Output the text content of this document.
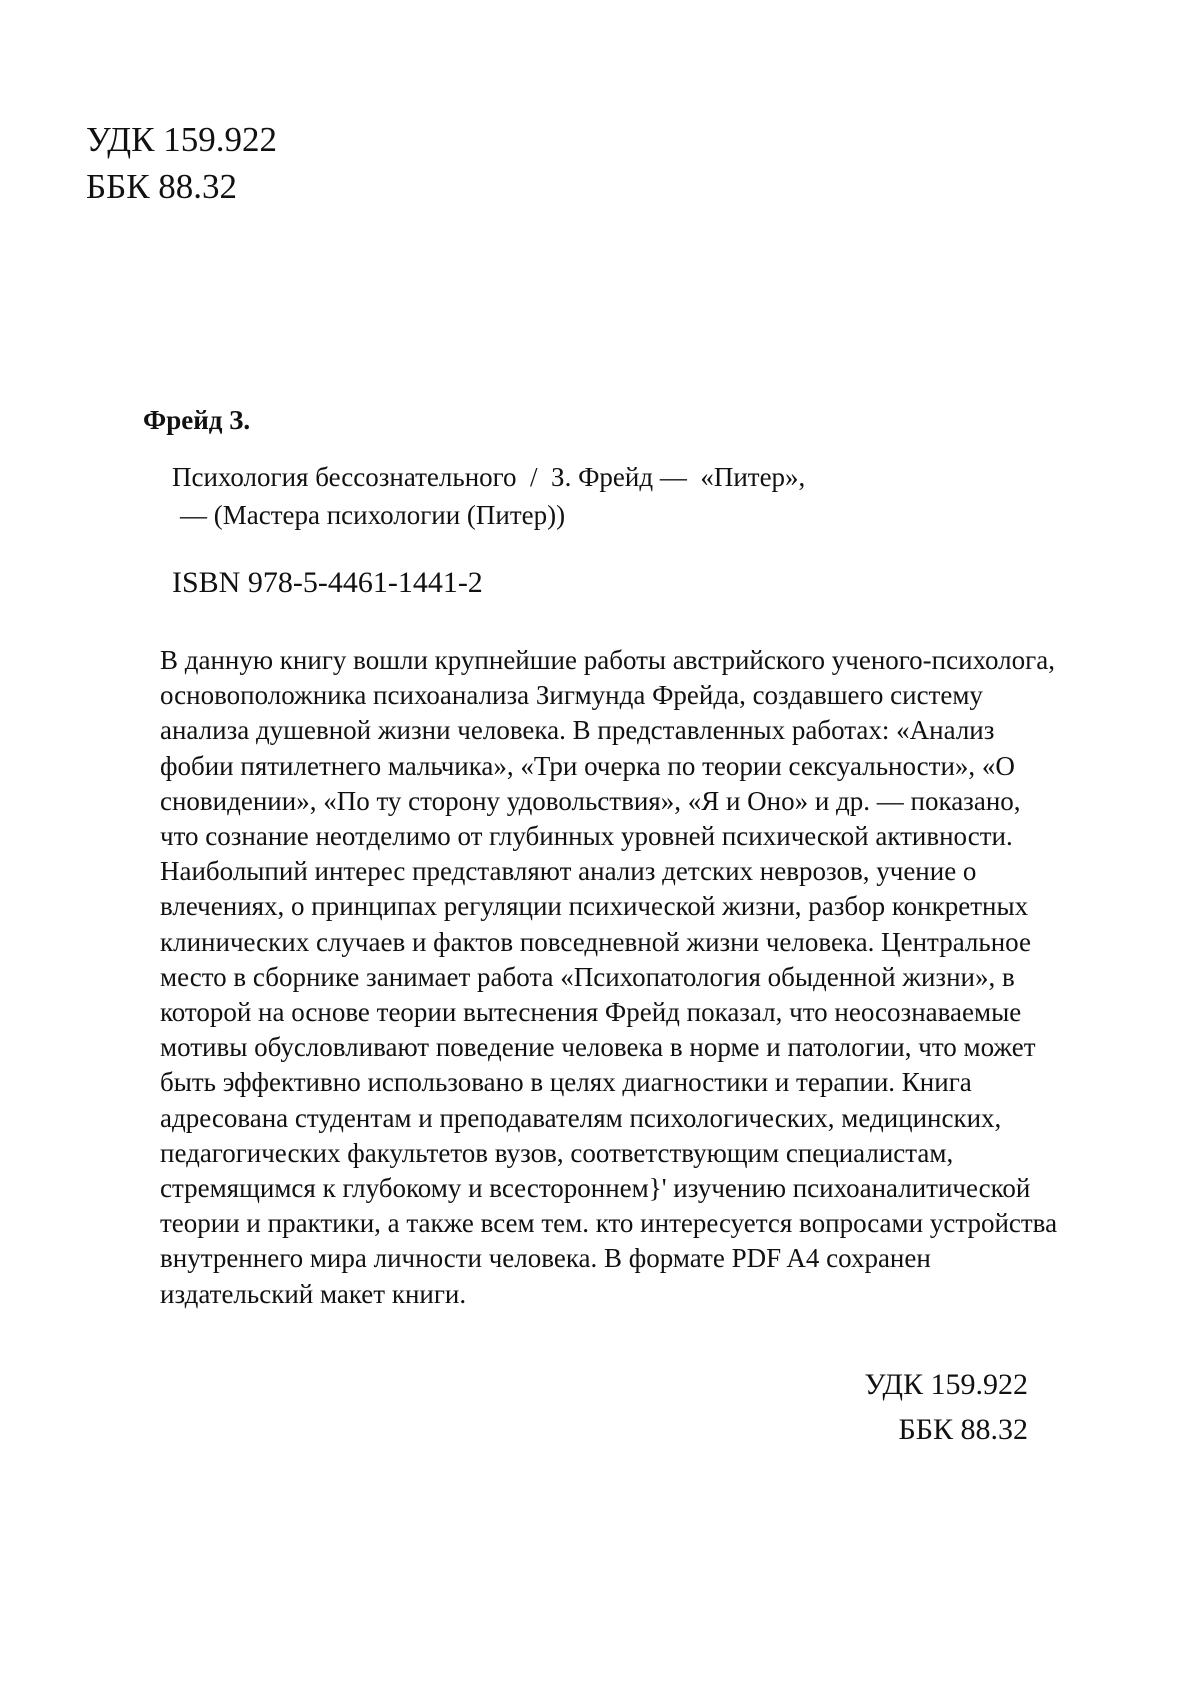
УДК 159.922
ББК 88.32
Фрейд З.
Психология бессознательного  /  З. Фрейд —  «Питер»,
— (Мастера психологии (Питер))
ISBN 978-5-4461-1441-2
В данную книгу вошли крупнейшие работы австрийского ученого-психолога,
основоположника психоанализа Зигмунда Фрейда, создавшего систему
анализа душевной жизни человека. В представленных работах: «Анализ
фобии пятилетнего мальчика», «Три очерка по теории сексуальности», «О
сновидении», «По ту сторону удовольствия», «Я и Оно» и др. — показано,
что сознание неотделимо от глубинных уровней психической активности.
Наиболыпий интерес представляют анализ детских неврозов, учение о
влечениях, о принципах регуляции психической жизни, разбор конкретных
клинических случаев и фактов повседневной жизни человека. Центральное
место в сборнике занимает работа «Психопатология обыденной жизни», в
которой на основе теории вытеснения Фрейд показал, что неосознаваемые
мотивы обусловливают поведение человека в норме и патологии, что может
быть эффективно использовано в целях диагностики и терапии. Книга
адресована студентам и преподавателям психологических, медицинских,
педагогических факультетов вузов, соответствующим специалистам,
стремящимся к глубокому и всестороннем}' изучению психоаналитической
теории и практики, а также всем тем. кто интересуется вопросами устройства
внутреннего мира личности человека. В формате PDF A4 сохранен
издательский макет книги.
УДК 159.922
ББК 88.32
